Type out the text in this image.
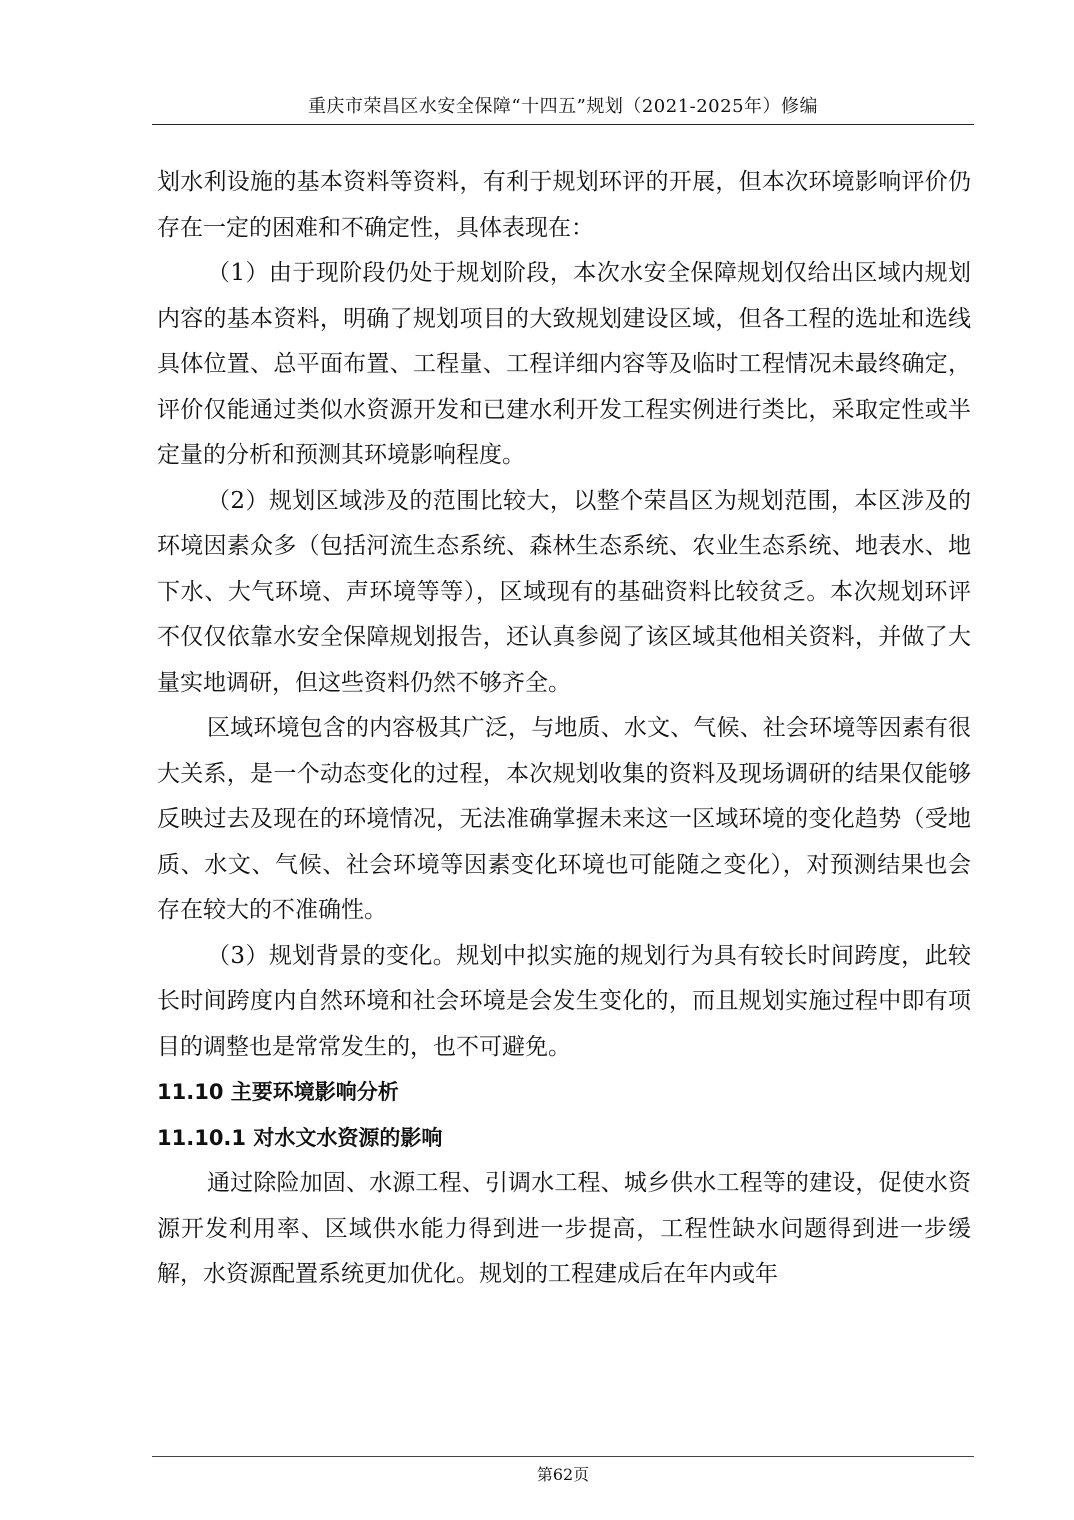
重庆市荣昌区水安全保障“十四五”规划（2021-2025年）修编

划水利设施的基本资料等资料，有利于规划环评的开展，但本次环境影响评价仍存在一定的困难和不确定性，具体表现在：

（1）由于现阶段仍处于规划阶段，本次水安全保障规划仅给出区域内规划内容的基本资料，明确了规划项目的大致规划建设区域，但各工程的选址和选线具体位置、总平面布置、工程量、工程详细内容等及临时工程情况未最终确定，评价仅能通过类似水资源开发和已建水利开发工程实例进行类比，采取定性或半定量的分析和预测其环境影响程度。

（2）规划区域涉及的范围比较大，以整个荣昌区为规划范围，本区涉及的环境因素众多（包括河流生态系统、森林生态系统、农业生态系统、地表水、地下水、大气环境、声环境等等），区域现有的基础资料比较贫乏。本次规划环评不仅仅依靠水安全保障规划报告，还认真参阅了该区域其他相关资料，并做了大量实地调研，但这些资料仍然不够齐全。

区域环境包含的内容极其广泛，与地质、水文、气候、社会环境等因素有很大关系，是一个动态变化的过程，本次规划收集的资料及现场调研的结果仅能够反映过去及现在的环境情况，无法准确掌握未来这一区域环境的变化趋势（受地质、水文、气候、社会环境等因素变化环境也可能随之变化），对预测结果也会存在较大的不准确性。

（3）规划背景的变化。规划中拟实施的规划行为具有较长时间跨度，此较长时间跨度内自然环境和社会环境是会发生变化的，而且规划实施过程中即有项目的调整也是常常发生的，也不可避免。

11.10 主要环境影响分析
11.10.1 对水文水资源的影响

通过除险加固、水源工程、引调水工程、城乡供水工程等的建设，促使水资源开发利用率、区域供水能力得到进一步提高，工程性缺水问题得到进一步缓解，水资源配置系统更加优化。规划的工程建成后在年内或年

第62页
